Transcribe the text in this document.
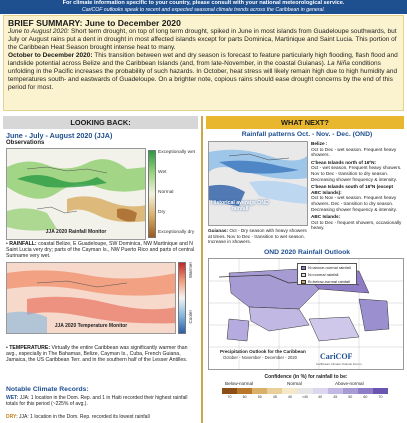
For climate information specific to your country, please consult with your national meteorological service.
CariCOF outlooks speak to recent and expected seasonal climate trends across the Caribbean in general.
BRIEF SUMMARY: June to December 2020

June to August 2020: Short term drought, on top of long term drought, spiked in June in most islands from Guadeloupe southwards, but July or August rains put a dent in drought in most affected islands except for parts Dominica, Martinique and Saint Lucia. This portion of the Caribbean Heat Season brought intense heat to many.

October to December 2020: This transition between wet and dry season is forecast to feature particularly high flooding, flash flood and landslide potential across Belize and the Caribbean Islands (and, from late-November, in the coastal Guianas). La Niña conditions unfolding in the Pacific increases the probability of such hazards. In October, heat stress will likely remain high due to high humidity and temperatures south- and eastwards of Guadeloupe. On a brighter note, copious rains should ease drought concerns by the end of this period for most.

LOOKING BACK:	WHAT NEXT?
June - July - August 2020 (JJA)
Observations
JJA 2020 Rainfall Monitor
Exceptionally wet
Wet
Normal
Dry
Exceptionally dry
• RAINFALL: coastal Belize, E Guadeloupe, SW Dominica, NW Martinique and N Saint Lucia very dry; parts of the Cayman Is., NW Puerto Rico and parts of central Suriname very wet.
JJA 2020 Temperature Monitor
Warmer
Cooler
• TEMPERATURE: Virtually the entire Caribbean was significantly warmer than avg., especially in The Bahamas, Belize, Cayman Is., Cuba, French Guiana, Jamaica, the US Caribbean Terr. and in the southern half of the Lesser Antilles.
Notable Climate Records:
WET: JJA: 1 location in the Dom. Rep. and 1 in Haiti recorded their highest rainfall totals for this period (~225% of avg.).
DRY: JJA: 1 location in the Dom. Rep. recorded its lowest rainfall
Rainfall patterns Oct. - Nov. - Dec. (OND)
Historical average OND rainfall
Belize :
Oct to Dec - wet season. Frequent heavy showers.
C'bean Islands north of 16ºN:
Oct - wet season. Frequent heavy showers. Nov to Dec - transition to dry season. Decreasing shower frequency & intensity.
C'bean Islands south of 16ºN (except ABC Islands):
Oct to Nov - wet season. Frequent heavy showers. Dec - transition to dry season. Decreasing shower frequency & intensity.
ABC Islands:
Oct to Dec - frequent showers, occasionally heavy.
Guianas: Oct - Dry season with heavy showers at times. Nov to Dec - transition to wet season. Increase in showers.
OND 2020 Rainfall Outlook
N=above-normal rainfall
N=normal rainfall
B=below-normal rainfall
Precipitation Outlook for the Caribbean
October - November - December - 2020	CariCOF
Caribbean Climate Outlook Forum
Confidence (in %) for rainfall to be:
Below-normal	Normal	Above-normal
70	60	50	45	40	>40	40	45	50	60	70
